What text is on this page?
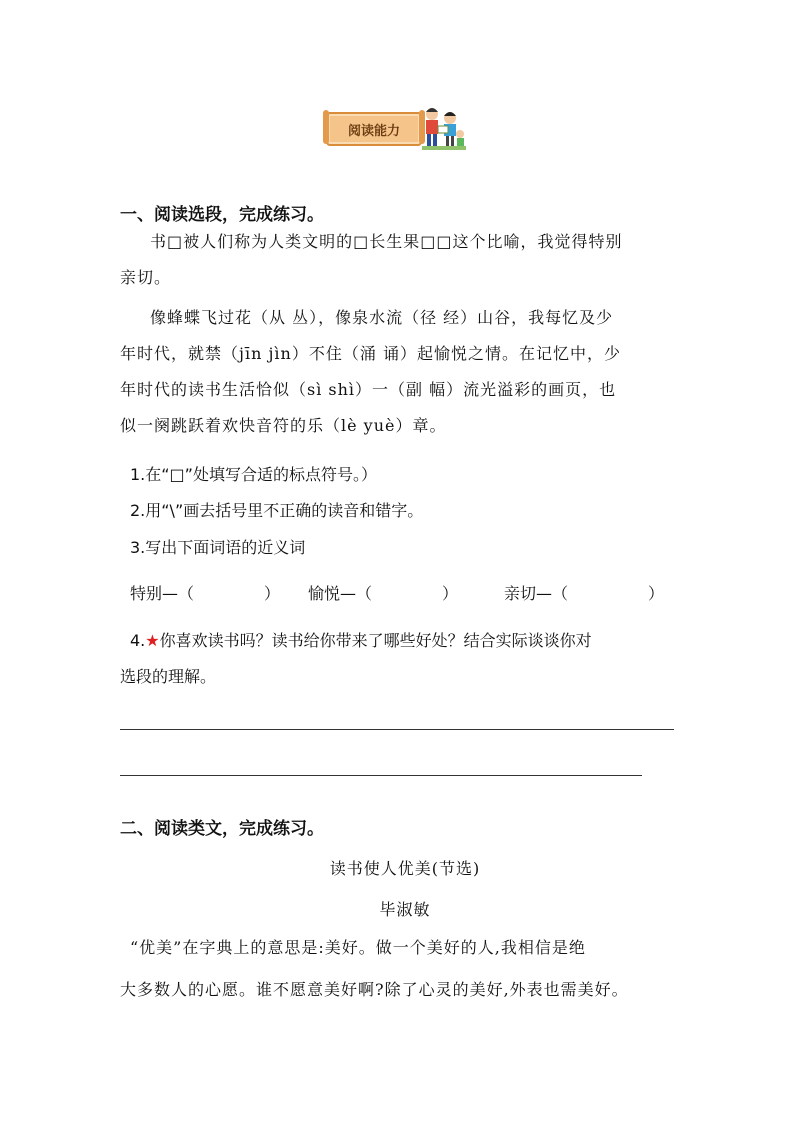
阅读能力
一、阅读选段，完成练习。
书□被人们称为人类文明的□长生果□□这个比喻，我觉得特别
亲切。
像蜂蝶飞过花（从 丛），像泉水流（径 经）山谷，我每忆及少
年时代，就禁（jīn jìn）不住（涌 诵）起愉悦之情。在记忆中，少
年时代的读书生活恰似（sì shì）一（副 幅）流光溢彩的画页，也
似一阕跳跃着欢快音符的乐（lè yuè）章。
1.在“□”处填写合适的标点符号。）
2.用“\”画去括号里不正确的读音和错字。
3.写出下面词语的近义词
特别—（	） 愉悦—（	）	亲切—（	）
4.★你喜欢读书吗？读书给你带来了哪些好处？结合实际谈谈你对
选段的理解。
二、阅读类文，完成练习。
读书使人优美(节选)
毕淑敏
“优美”在字典上的意思是:美好。做一个美好的人,我相信是绝
大多数人的心愿。谁不愿意美好啊?除了心灵的美好,外表也需美好。
